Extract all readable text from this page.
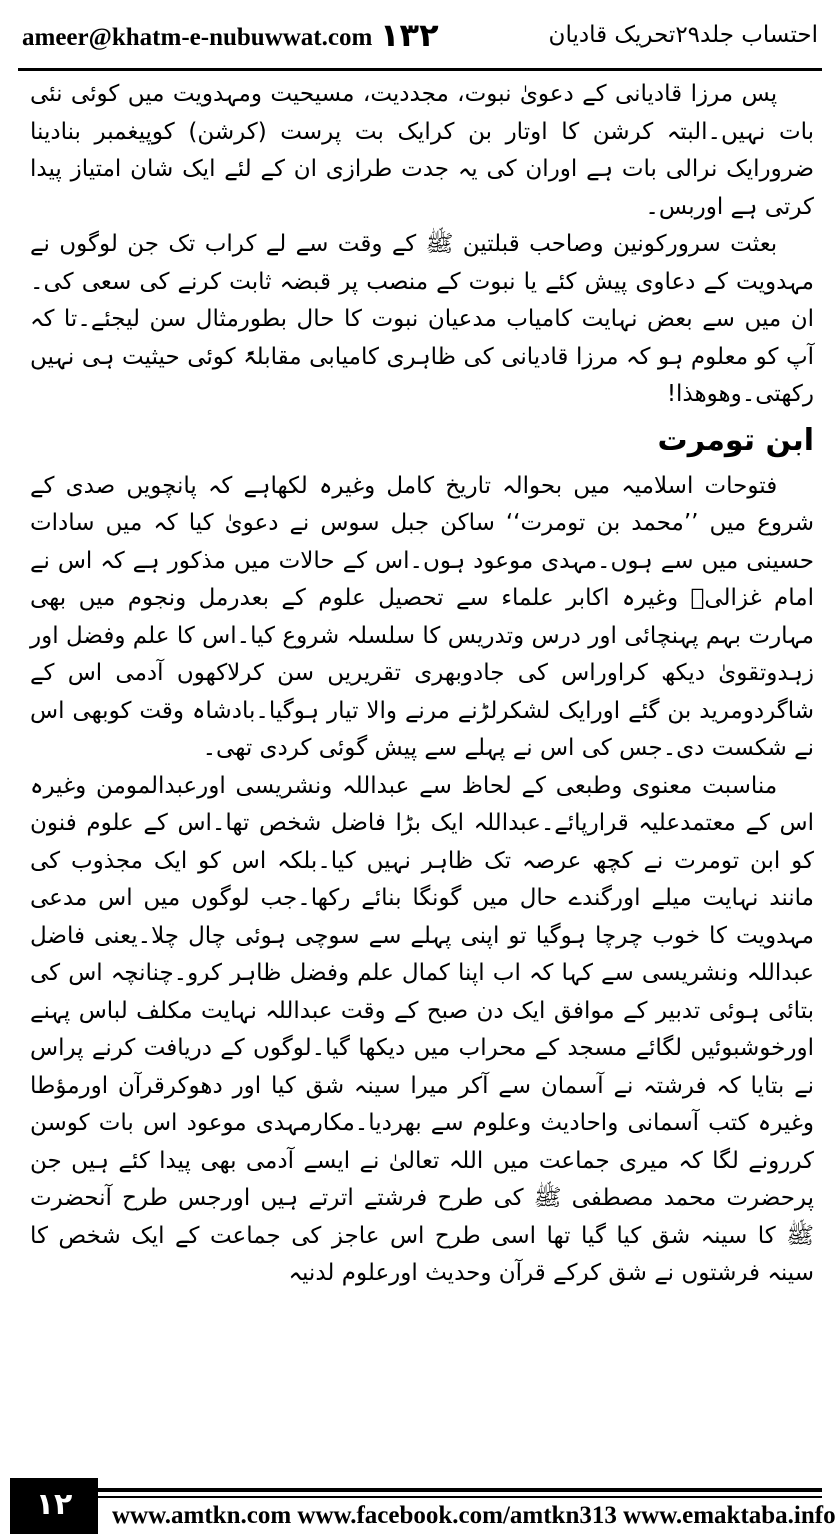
ameer@khatm-e-nubuwwat.com ۱۳۲	احتساب جلد۲۹تحریک قادیان

پس مرزا قادیانی کے دعویٰ نبوت، مجددیت، مسیحیت ومہدویت میں کوئی نئی بات نہیں۔البتہ کرشن کا اوتار بن کرایک بت پرست (کرشن) کوپیغمبر بنادینا ضرورایک نرالی بات ہے اوران کی یہ جدت طرازی ان کے لئے ایک شان امتیاز پیدا کرتی ہے اوربس۔

بعثت سرورکونین وصاحب قبلتین ﷺ کے وقت سے لے کراب تک جن لوگوں نے مہدویت کے دعاوی پیش کئے یا نبوت کے منصب پر قبضہ ثابت کرنے کی سعی کی۔ان میں سے بعض نہایت کامیاب مدعیان نبوت کا حال بطورمثال سن لیجئے۔تا کہ آپ کو معلوم ہو کہ مرزا قادیانی کی ظاہری کامیابی مقابلۃً کوئی حیثیت ہی نہیں رکھتی۔وھوھذا!

ابن تومرت

فتوحات اسلامیہ میں بحوالہ تاریخ کامل وغیرہ لکھاہے کہ پانچویں صدی کے شروع میں ’’محمد بن تومرت‘‘ ساکن جبل سوس نے دعویٰ کیا کہ میں سادات حسینی میں سے ہوں۔مہدی موعود ہوں۔اس کے حالات میں مذکور ہے کہ اس نے امام غزالیؒ وغیرہ اکابر علماء سے تحصیل علوم کے بعدرمل ونجوم میں بھی مہارت بہم پہنچائی اور درس وتدریس کا سلسلہ شروع کیا۔اس کا علم وفضل اور زہدوتقویٰ دیکھ کراوراس کی جادوبھری تقریریں سن کرلاکھوں آدمی اس کے شاگردومرید بن گئے اورایک لشکرلڑنے مرنے والا تیار ہوگیا۔بادشاہ وقت کوبھی اس نے شکست دی۔جس کی اس نے پہلے سے پیش گوئی کردی تھی۔

مناسبت معنوی وطبعی کے لحاظ سے عبداللہ ونشریسی اورعبدالمومن وغیرہ اس کے معتمدعلیہ قرارپائے۔عبداللہ ایک بڑا فاضل شخص تھا۔اس کے علوم فنون کو ابن تومرت نے کچھ عرصہ تک ظاہر نہیں کیا۔بلکہ اس کو ایک مجذوب کی مانند نہایت میلے اورگندے حال میں گونگا بنائے رکھا۔جب لوگوں میں اس مدعی مہدویت کا خوب چرچا ہوگیا تو اپنی پہلے سے سوچی ہوئی چال چلا۔یعنی فاضل عبداللہ ونشریسی سے کہا کہ اب اپنا کمال علم وفضل ظاہر کرو۔چنانچہ اس کی بتائی ہوئی تدبیر کے موافق ایک دن صبح کے وقت عبداللہ نہایت مکلف لباس پہنے اورخوشبوئیں لگائے مسجد کے محراب میں دیکھا گیا۔لوگوں کے دریافت کرنے پراس نے بتایا کہ فرشتہ نے آسمان سے آکر میرا سینہ شق کیا اور دھوکرقرآن اورمؤطا وغیرہ کتب آسمانی واحادیث وعلوم سے بھردیا۔مکارمہدی موعود اس بات کوسن کررونے لگا کہ میری جماعت میں اللہ تعالیٰ نے ایسے آدمی بھی پیدا کئے ہیں جن پرحضرت محمد مصطفی ﷺ کی طرح فرشتے اترتے ہیں اورجس طرح آنحضرت ﷺ کا سینہ شق کیا گیا تھا اسی طرح اس عاجز کی جماعت کے ایک شخص کا سینہ فرشتوں نے شق کرکے قرآن وحدیث اورعلوم لدنیہ

۱۲	www.amtkn.com www.facebook.com/amtkn313 www.emaktaba.info
